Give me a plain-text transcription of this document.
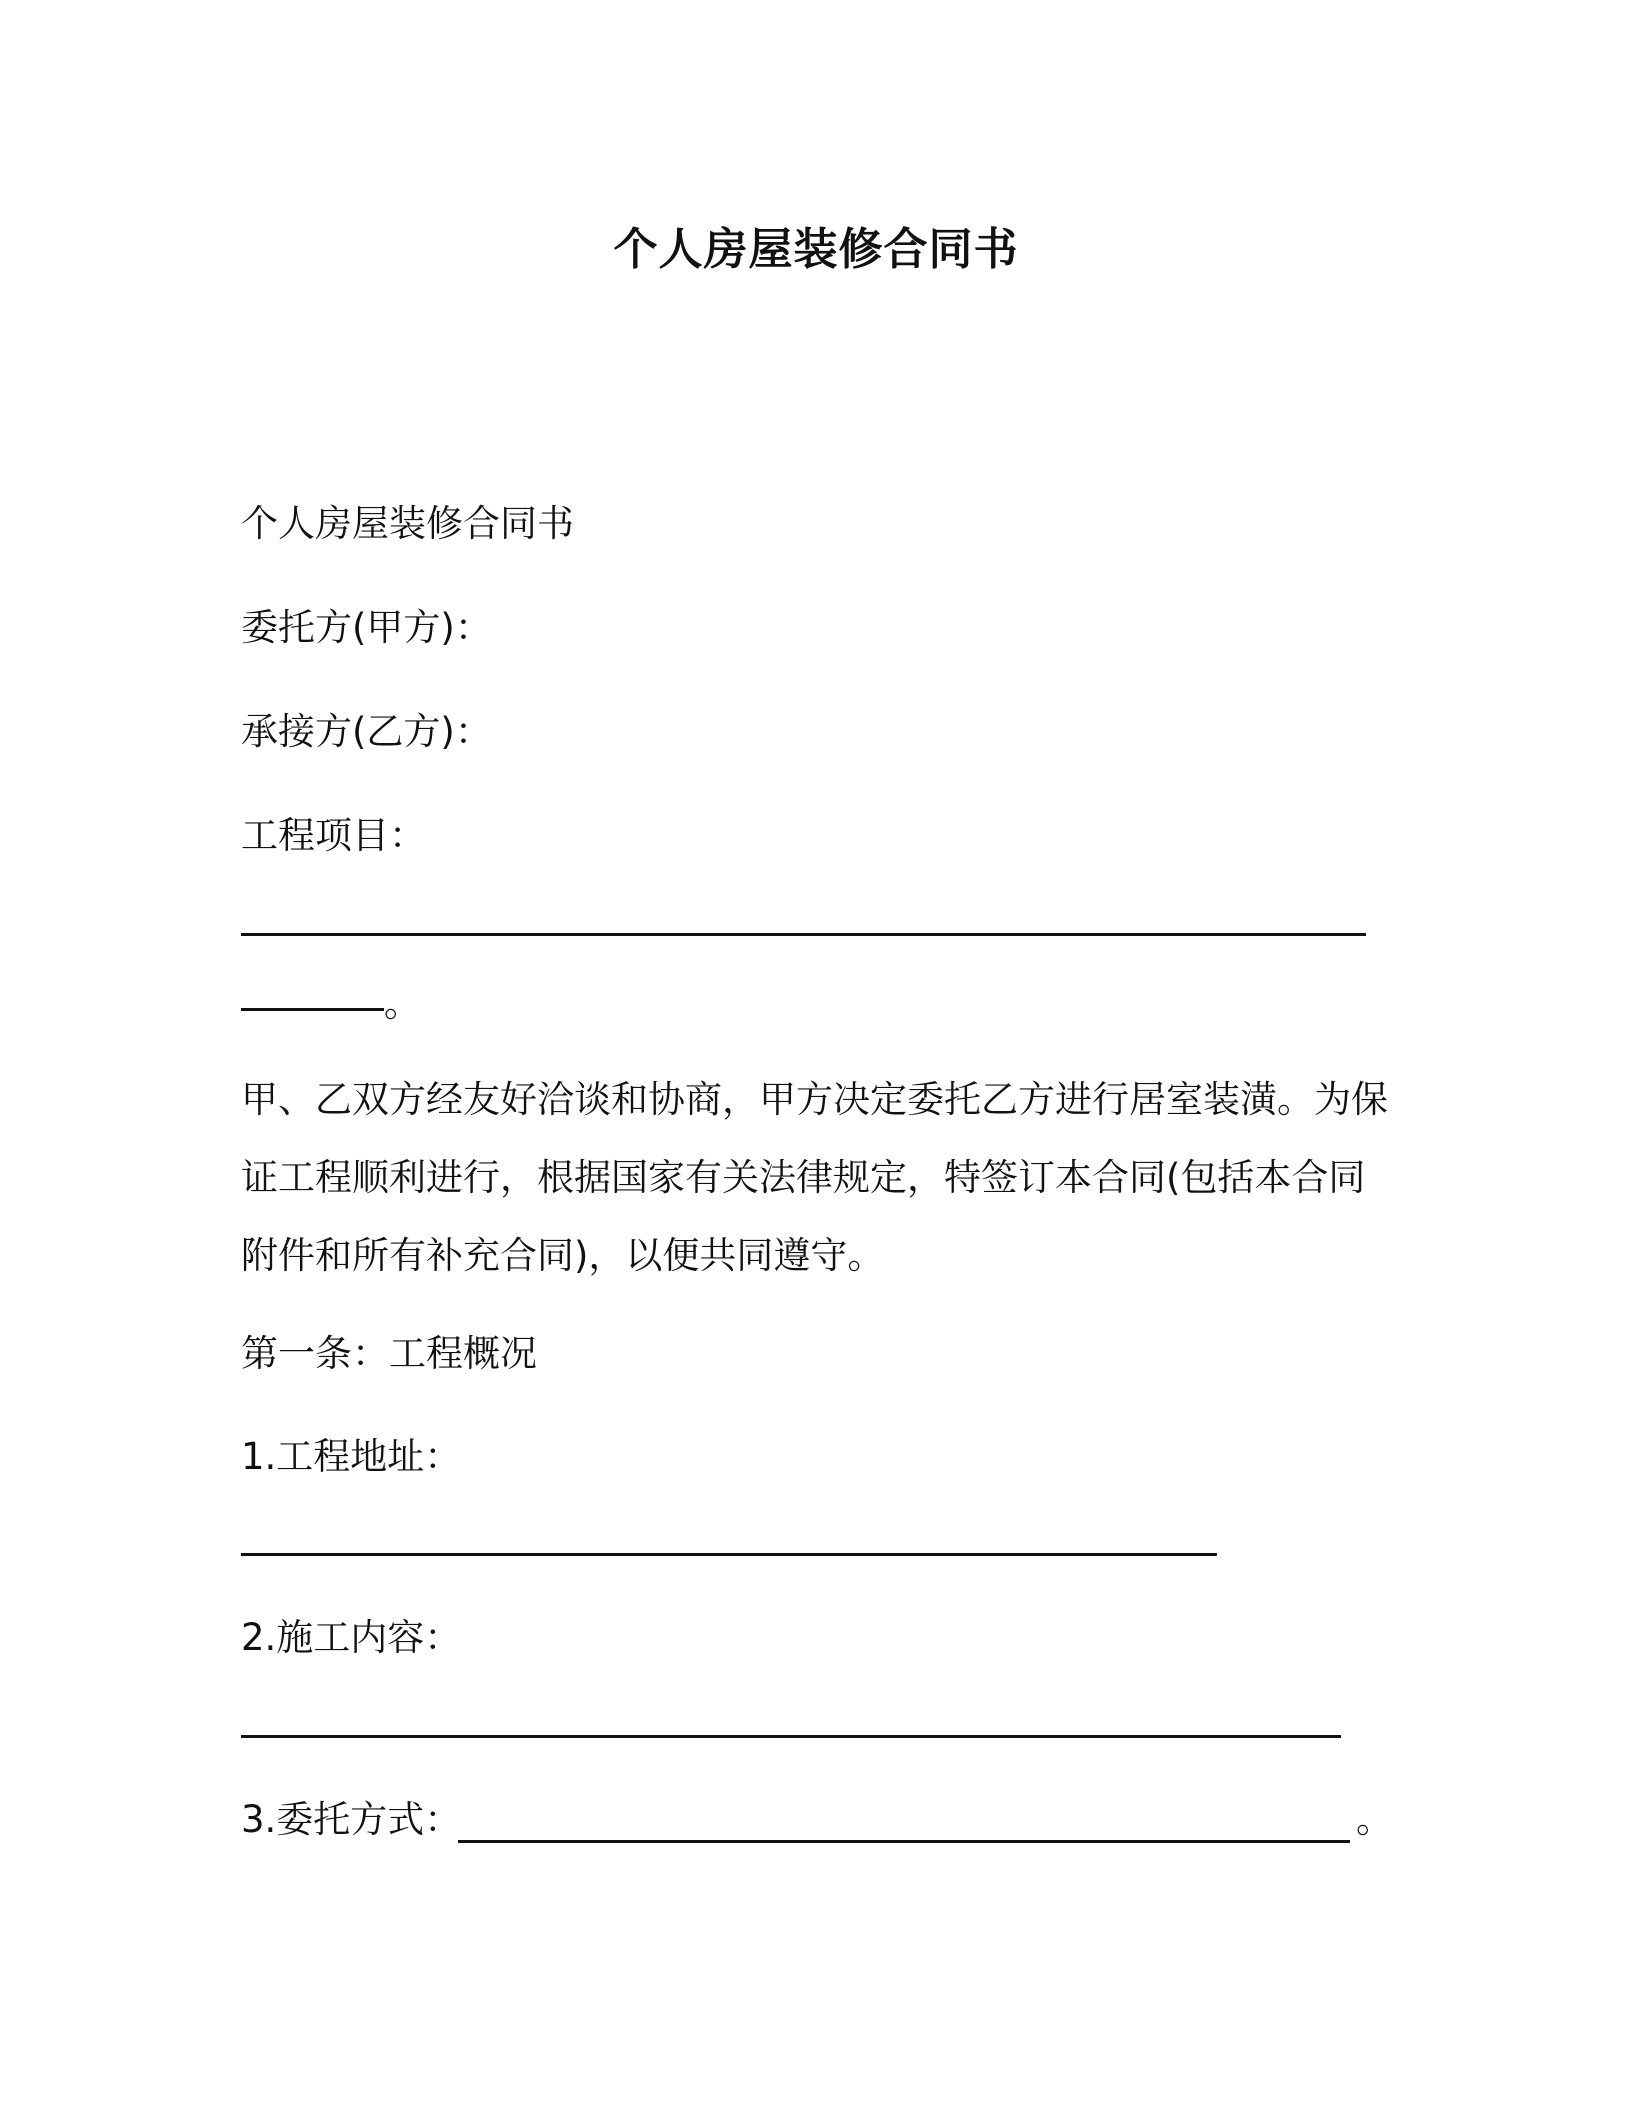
个人房屋装修合同书

个人房屋装修合同书

委托方(甲方)：

承接方(乙方)：

工程项目：

。

甲、乙双方经友好洽谈和协商，甲方决定委托乙方进行居室装潢。为保证工程顺利进行，根据国家有关法律规定，特签订本合同(包括本合同附件和所有补充合同)，以便共同遵守。

第一条：工程概况

1.工程地址：

2.施工内容：

3.委托方式：	。
